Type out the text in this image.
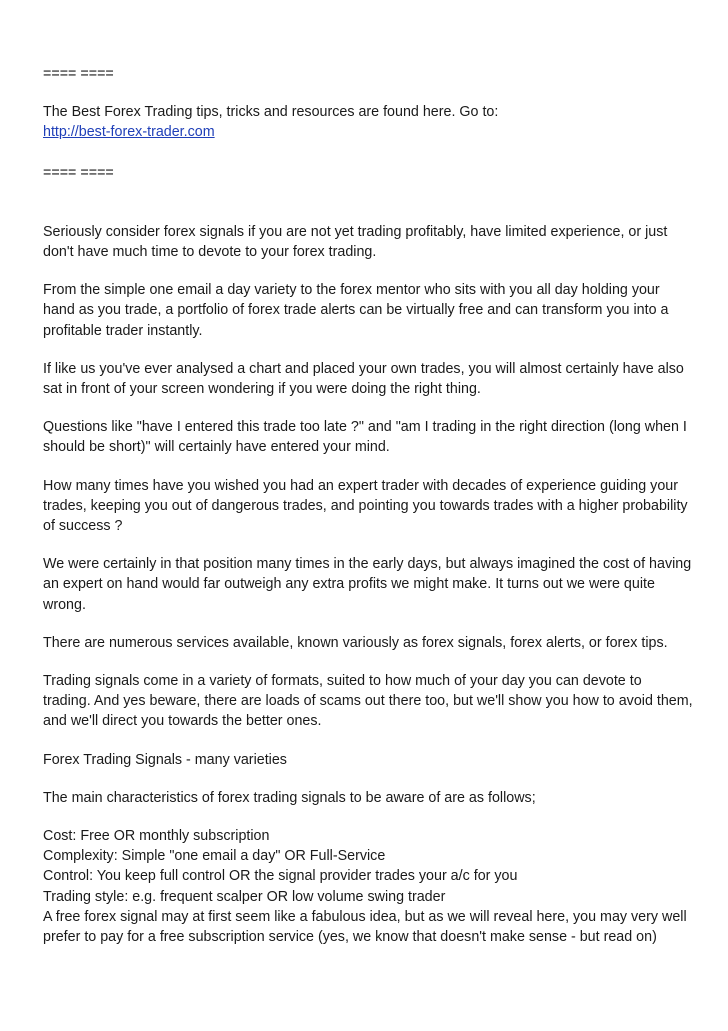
==== ====

The Best Forex Trading tips, tricks and resources are found here. Go to:
http://best-forex-trader.com

==== ====

Seriously consider forex signals if you are not yet trading profitably, have limited experience, or just don't have much time to devote to your forex trading.

From the simple one email a day variety to the forex mentor who sits with you all day holding your hand as you trade, a portfolio of forex trade alerts can be virtually free and can transform you into a profitable trader instantly.

If like us you've ever analysed a chart and placed your own trades, you will almost certainly have also sat in front of your screen wondering if you were doing the right thing.

Questions like "have I entered this trade too late ?" and "am I trading in the right direction (long when I should be short)" will certainly have entered your mind.

How many times have you wished you had an expert trader with decades of experience guiding your trades, keeping you out of dangerous trades, and pointing you towards trades with a higher probability of success ?

We were certainly in that position many times in the early days, but always imagined the cost of having an expert on hand would far outweigh any extra profits we might make. It turns out we were quite wrong.

There are numerous services available, known variously as forex signals, forex alerts, or forex tips.

Trading signals come in a variety of formats, suited to how much of your day you can devote to trading. And yes beware, there are loads of scams out there too, but we'll show you how to avoid them, and we'll direct you towards the better ones.

Forex Trading Signals - many varieties

The main characteristics of forex trading signals to be aware of are as follows;

Cost: Free OR monthly subscription
Complexity: Simple "one email a day" OR Full-Service
Control: You keep full control OR the signal provider trades your a/c for you
Trading style: e.g. frequent scalper OR low volume swing trader
A free forex signal may at first seem like a fabulous idea, but as we will reveal here, you may very well prefer to pay for a free subscription service (yes, we know that doesn't make sense - but read on)
